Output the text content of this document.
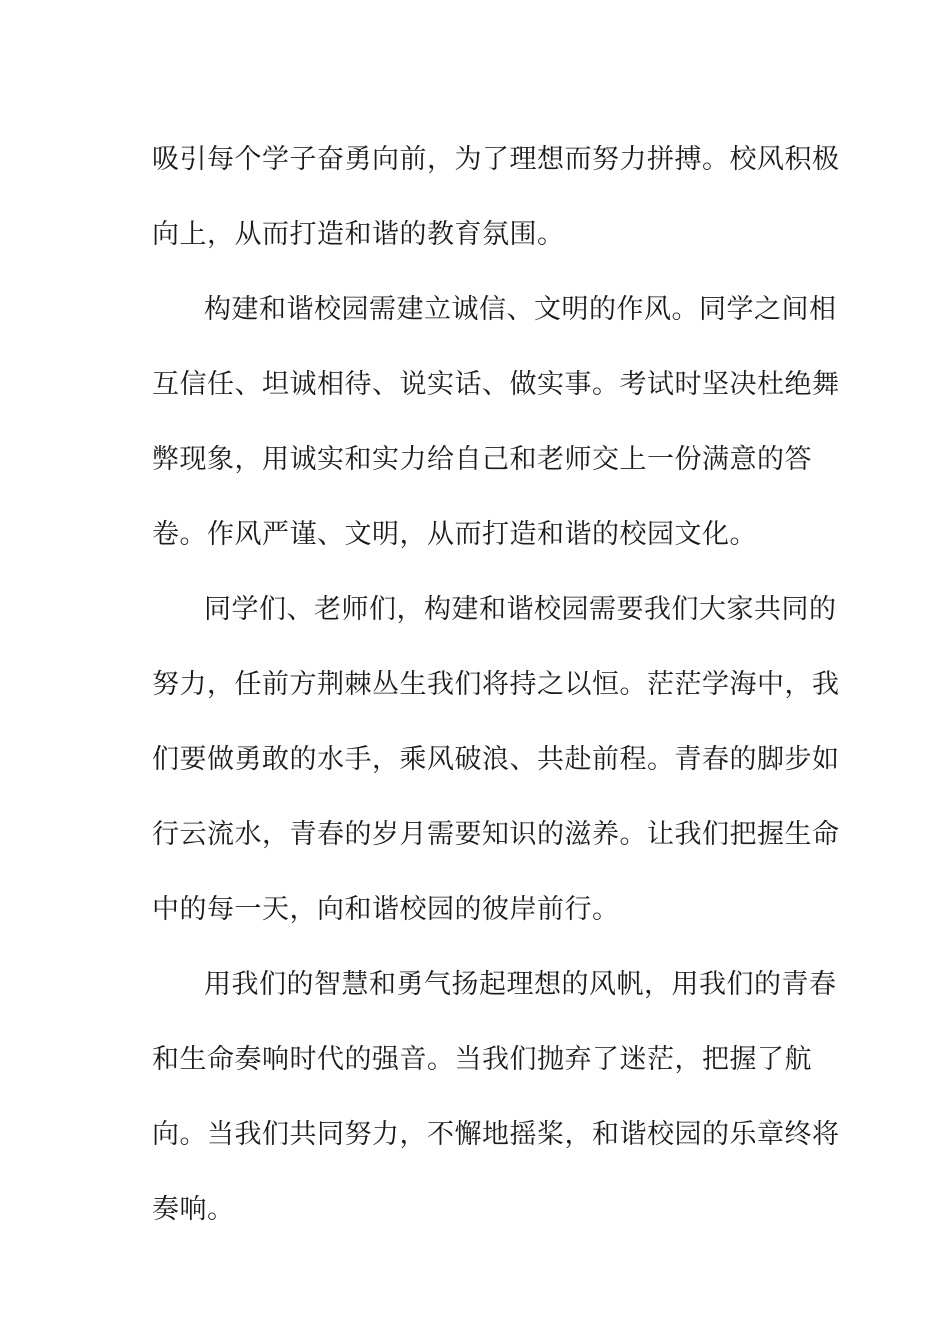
吸引每个学子奋勇向前，为了理想而努力拼搏。校风积极
向上，从而打造和谐的教育氛围。
构建和谐校园需建立诚信、文明的作风。同学之间相
互信任、坦诚相待、说实话、做实事。考试时坚决杜绝舞
弊现象，用诚实和实力给自己和老师交上一份满意的答
卷。作风严谨、文明，从而打造和谐的校园文化。
同学们、老师们，构建和谐校园需要我们大家共同的
努力，任前方荆棘丛生我们将持之以恒。茫茫学海中，我
们要做勇敢的水手，乘风破浪、共赴前程。青春的脚步如
行云流水，青春的岁月需要知识的滋养。让我们把握生命
中的每一天，向和谐校园的彼岸前行。
用我们的智慧和勇气扬起理想的风帆，用我们的青春
和生命奏响时代的强音。当我们抛弃了迷茫，把握了航
向。当我们共同努力，不懈地摇桨，和谐校园的乐章终将
奏响。
